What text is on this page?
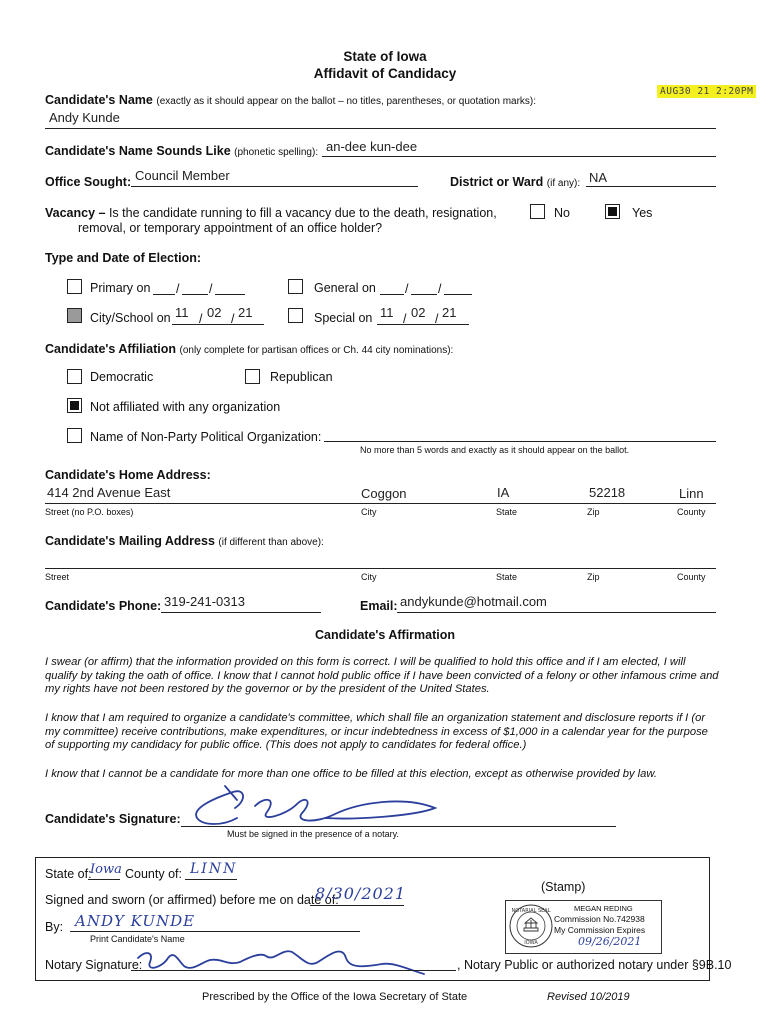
State of Iowa
Affidavit of Candidacy
AUG30 21 2:20PM
Candidate's Name (exactly as it should appear on the ballot – no titles, parentheses, or quotation marks):
Andy Kunde
Candidate's Name Sounds Like (phonetic spelling): an-dee kun-dee
Office Sought: Council Member	District or Ward (if any): NA
Vacancy – Is the candidate running to fill a vacancy due to the death, resignation,
removal, or temporary appointment of an office holder?
No	Yes
Type and Date of Election:
Primary on / /	General on / /
City/School on 11 / 02 / 21	Special on 11 / 02 / 21
Candidate's Affiliation (only complete for partisan offices or Ch. 44 city nominations):
Democratic	Republican
Not affiliated with any organization
Name of Non-Party Political Organization:
No more than 5 words and exactly as it should appear on the ballot.
Candidate's Home Address:
414 2nd Avenue East	Coggon	IA	52218	Linn
Street (no P.O. boxes)	City	State	Zip	County
Candidate's Mailing Address (if different than above):
Street	City	State	Zip	County
Candidate's Phone: 319-241-0313	Email: andykunde@hotmail.com
Candidate's Affirmation
I swear (or affirm) that the information provided on this form is correct. I will be qualified to hold this office and if I am elected, I will qualify by taking the oath of office. I know that I cannot hold public office if I have been convicted of a felony or other infamous crime and my rights have not been restored by the governor or by the president of the United States.
I know that I am required to organize a candidate's committee, which shall file an organization statement and disclosure reports if I (or my committee) receive contributions, make expenditures, or incur indebtedness in excess of $1,000 in a calendar year for the purpose of supporting my candidacy for public office. (This does not apply to candidates for federal office.)
I know that I cannot be a candidate for more than one office to be filled at this election, except as otherwise provided by law.
Candidate's Signature:
Must be signed in the presence of a notary.
State of:
Iowa County of: LINN
Signed and sworn (or affirmed) before me on date of:
8/30/2021	(Stamp)
By: ANDY KUNDE
Print Candidate's Name
NOTARIAL SEAL
IOWA
MEGAN REDING
Commission No.742938
My Commission Expires
09/26/2021
Notary Signature:	, Notary Public or authorized notary under §9B.10
Prescribed by the Office of the Iowa Secretary of State	Revised 10/2019
